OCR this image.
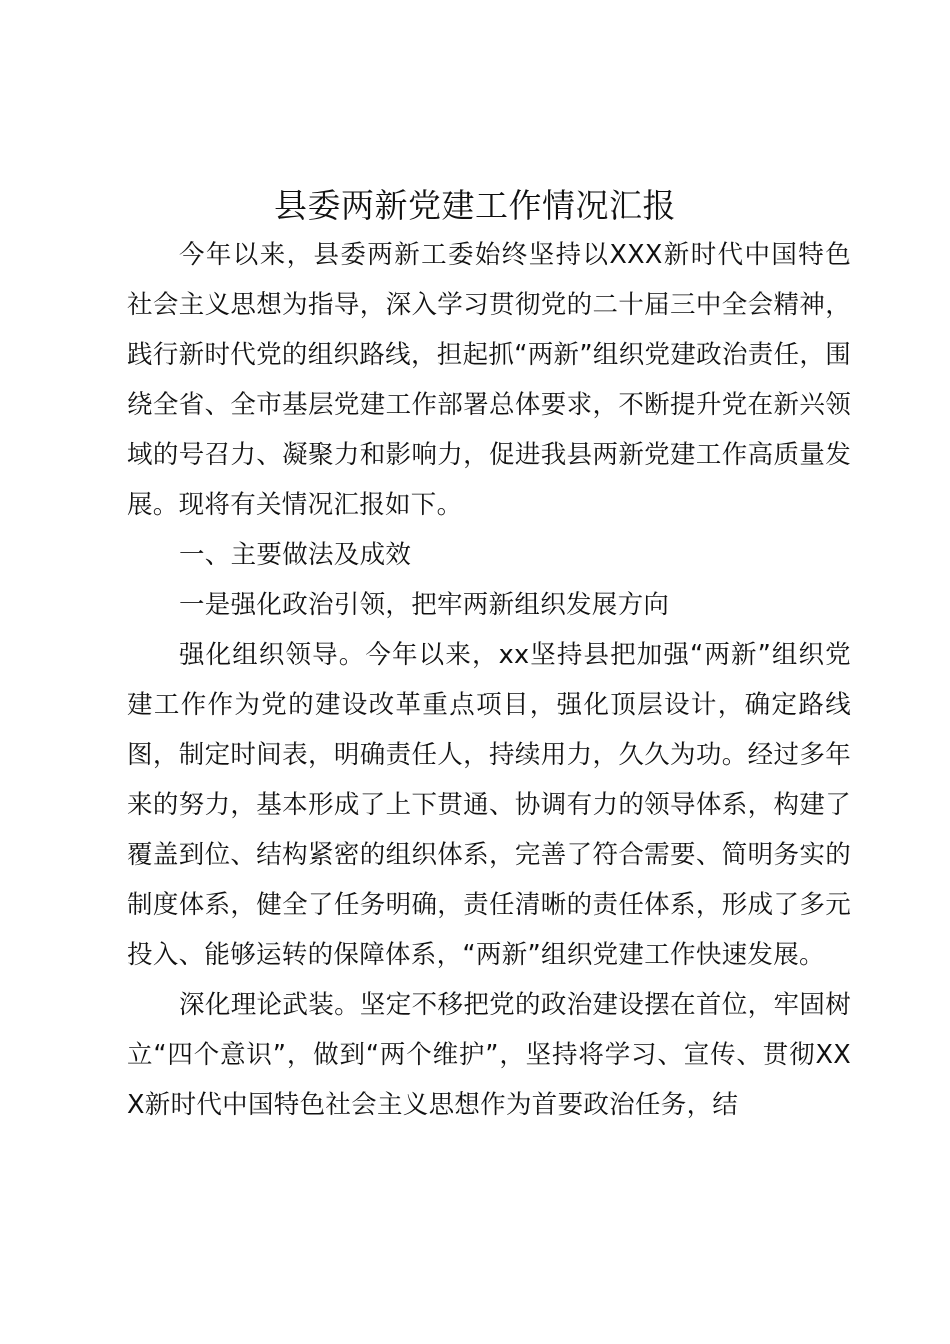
县委两新党建工作情况汇报

今年以来，县委两新工委始终坚持以XXX新时代中国特色社会主义思想为指导，深入学习贯彻党的二十届三中全会精神，践行新时代党的组织路线，担起抓“两新”组织党建政治责任，围绕全省、全市基层党建工作部署总体要求，不断提升党在新兴领域的号召力、凝聚力和影响力，促进我县两新党建工作高质量发展。现将有关情况汇报如下。

一、主要做法及成效

一是强化政治引领，把牢两新组织发展方向

强化组织领导。今年以来，xx坚持县把加强“两新”组织党建工作作为党的建设改革重点项目，强化顶层设计，确定路线图，制定时间表，明确责任人，持续用力，久久为功。经过多年来的努力，基本形成了上下贯通、协调有力的领导体系，构建了覆盖到位、结构紧密的组织体系，完善了符合需要、简明务实的制度体系，健全了任务明确，责任清晰的责任体系，形成了多元投入、能够运转的保障体系，“两新”组织党建工作快速发展。

深化理论武装。坚定不移把党的政治建设摆在首位，牢固树立“四个意识”，做到“两个维护”，坚持将学习、宣传、贯彻XXX新时代中国特色社会主义思想作为首要政治任务，结
